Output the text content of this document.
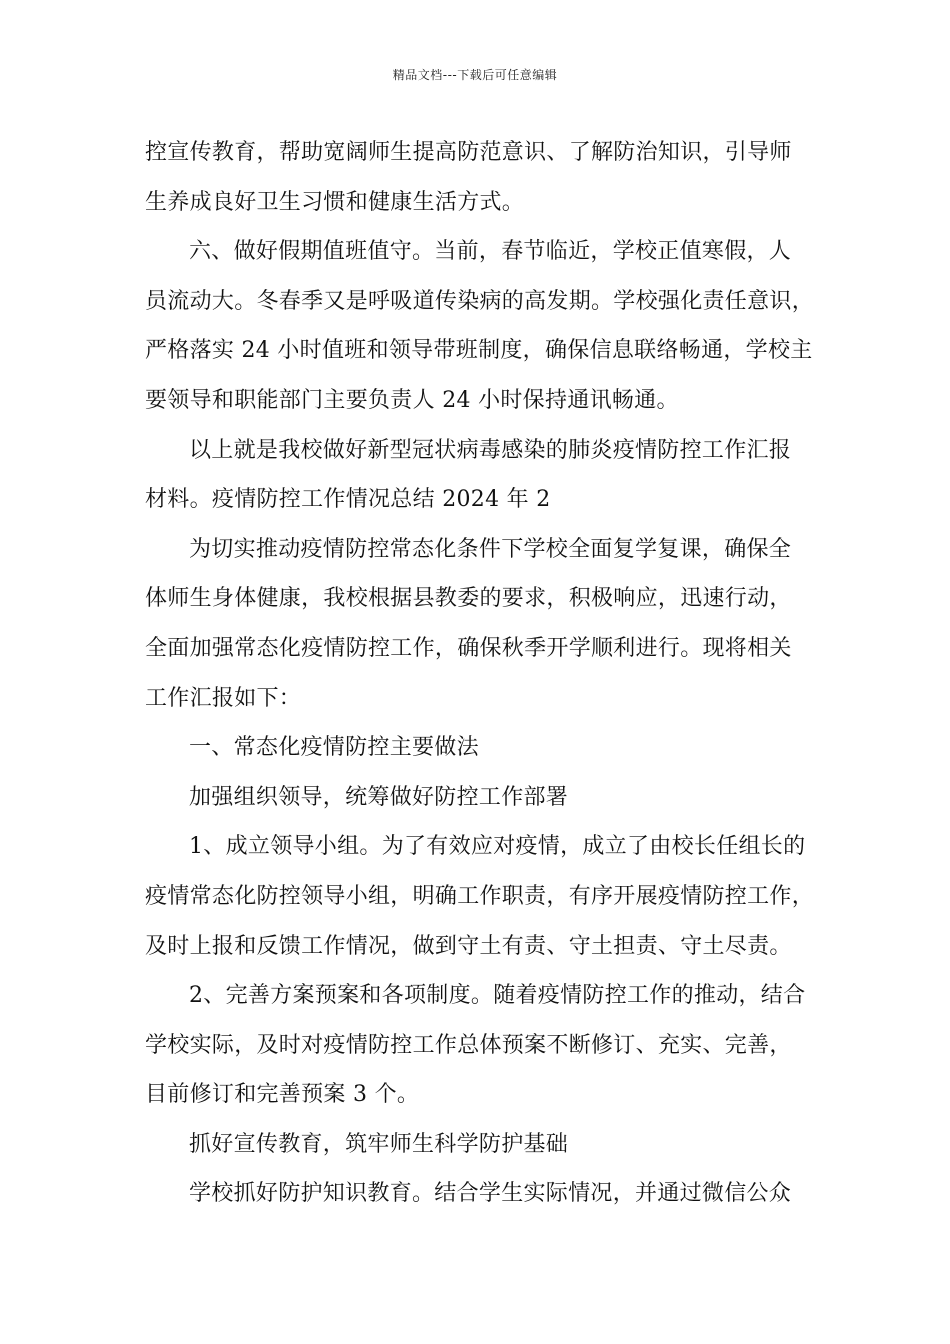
精品文档---下载后可任意编辑
控宣传教育，帮助宽阔师生提高防范意识、了解防治知识，引导师
生养成良好卫生习惯和健康生活方式。
六、做好假期值班值守。当前，春节临近，学校正值寒假，人
员流动大。冬春季又是呼吸道传染病的高发期。学校强化责任意识，
严格落实 24 小时值班和领导带班制度，确保信息联络畅通，学校主
要领导和职能部门主要负责人 24 小时保持通讯畅通。
以上就是我校做好新型冠状病毒感染的肺炎疫情防控工作汇报
材料。疫情防控工作情况总结 2024 年 2
为切实推动疫情防控常态化条件下学校全面复学复课，确保全
体师生身体健康，我校根据县教委的要求，积极响应，迅速行动，
全面加强常态化疫情防控工作，确保秋季开学顺利进行。现将相关
工作汇报如下：
一、常态化疫情防控主要做法
加强组织领导，统筹做好防控工作部署
1、成立领导小组。为了有效应对疫情，成立了由校长任组长的
疫情常态化防控领导小组，明确工作职责，有序开展疫情防控工作，
及时上报和反馈工作情况，做到守土有责、守土担责、守土尽责。
2、完善方案预案和各项制度。随着疫情防控工作的推动，结合
学校实际，及时对疫情防控工作总体预案不断修订、充实、完善，
目前修订和完善预案 3 个。
抓好宣传教育，筑牢师生科学防护基础
学校抓好防护知识教育。结合学生实际情况，并通过微信公众
